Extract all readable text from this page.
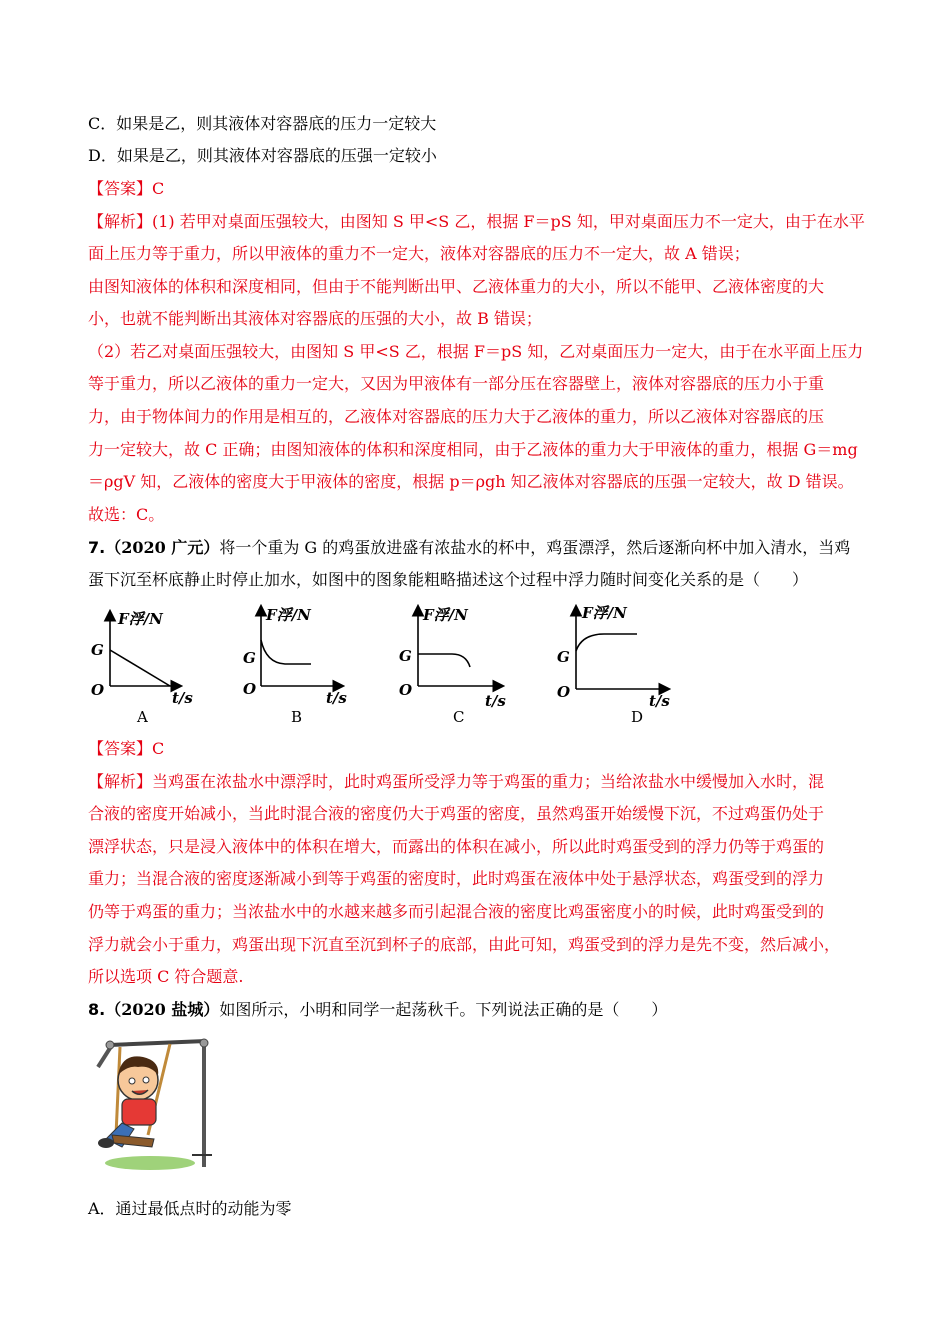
C．如果是乙，则其液体对容器底的压力一定较大
D．如果是乙，则其液体对容器底的压强一定较小
【答案】C
【解析】(1) 若甲对桌面压强较大，由图知 S 甲<S 乙，根据 F＝pS 知，甲对桌面压力不一定大，由于在水平
面上压力等于重力，所以甲液体的重力不一定大，液体对容器底的压力不一定大，故 A 错误；
由图知液体的体积和深度相同，但由于不能判断出甲、乙液体重力的大小，所以不能甲、乙液体密度的大
小，也就不能判断出其液体对容器底的压强的大小，故 B 错误；
（2）若乙对桌面压强较大，由图知 S 甲<S 乙，根据 F＝pS 知，乙对桌面压力一定大，由于在水平面上压力
等于重力，所以乙液体的重力一定大，又因为甲液体有一部分压在容器壁上，液体对容器底的压力小于重
力，由于物体间力的作用是相互的，乙液体对容器底的压力大于乙液体的重力，所以乙液体对容器底的压
力一定较大，故 C 正确；由图知液体的体积和深度相同，由于乙液体的重力大于甲液体的重力，根据 G＝mg
＝ρgV 知，乙液体的密度大于甲液体的密度，根据 p＝ρgh 知乙液体对容器底的压强一定较大，故 D 错误。
故选：C。
7.（2020 广元）将一个重为 G 的鸡蛋放进盛有浓盐水的杯中，鸡蛋漂浮，然后逐渐向杯中加入清水，当鸡
蛋下沉至杯底静止时停止加水，如图中的图象能粗略描述这个过程中浮力随时间变化关系的是（　　）
F浮/N
t/s
G
O
A
F浮/N
t/s
G
O
B
F浮/N
t/s
G
O
C
F浮/N
t/s
G
O
D
【答案】C
【解析】当鸡蛋在浓盐水中漂浮时，此时鸡蛋所受浮力等于鸡蛋的重力；当给浓盐水中缓慢加入水时，混
合液的密度开始减小，当此时混合液的密度仍大于鸡蛋的密度，虽然鸡蛋开始缓慢下沉，不过鸡蛋仍处于
漂浮状态，只是浸入液体中的体积在增大，而露出的体积在减小，所以此时鸡蛋受到的浮力仍等于鸡蛋的
重力；当混合液的密度逐渐减小到等于鸡蛋的密度时，此时鸡蛋在液体中处于悬浮状态，鸡蛋受到的浮力
仍等于鸡蛋的重力；当浓盐水中的水越来越多而引起混合液的密度比鸡蛋密度小的时候，此时鸡蛋受到的
浮力就会小于重力，鸡蛋出现下沉直至沉到杯子的底部，由此可知，鸡蛋受到的浮力是先不变，然后减小，
所以选项 C 符合题意.
8.（2020 盐城）如图所示，小明和同学一起荡秋千。下列说法正确的是（　　）
A．通过最低点时的动能为零
